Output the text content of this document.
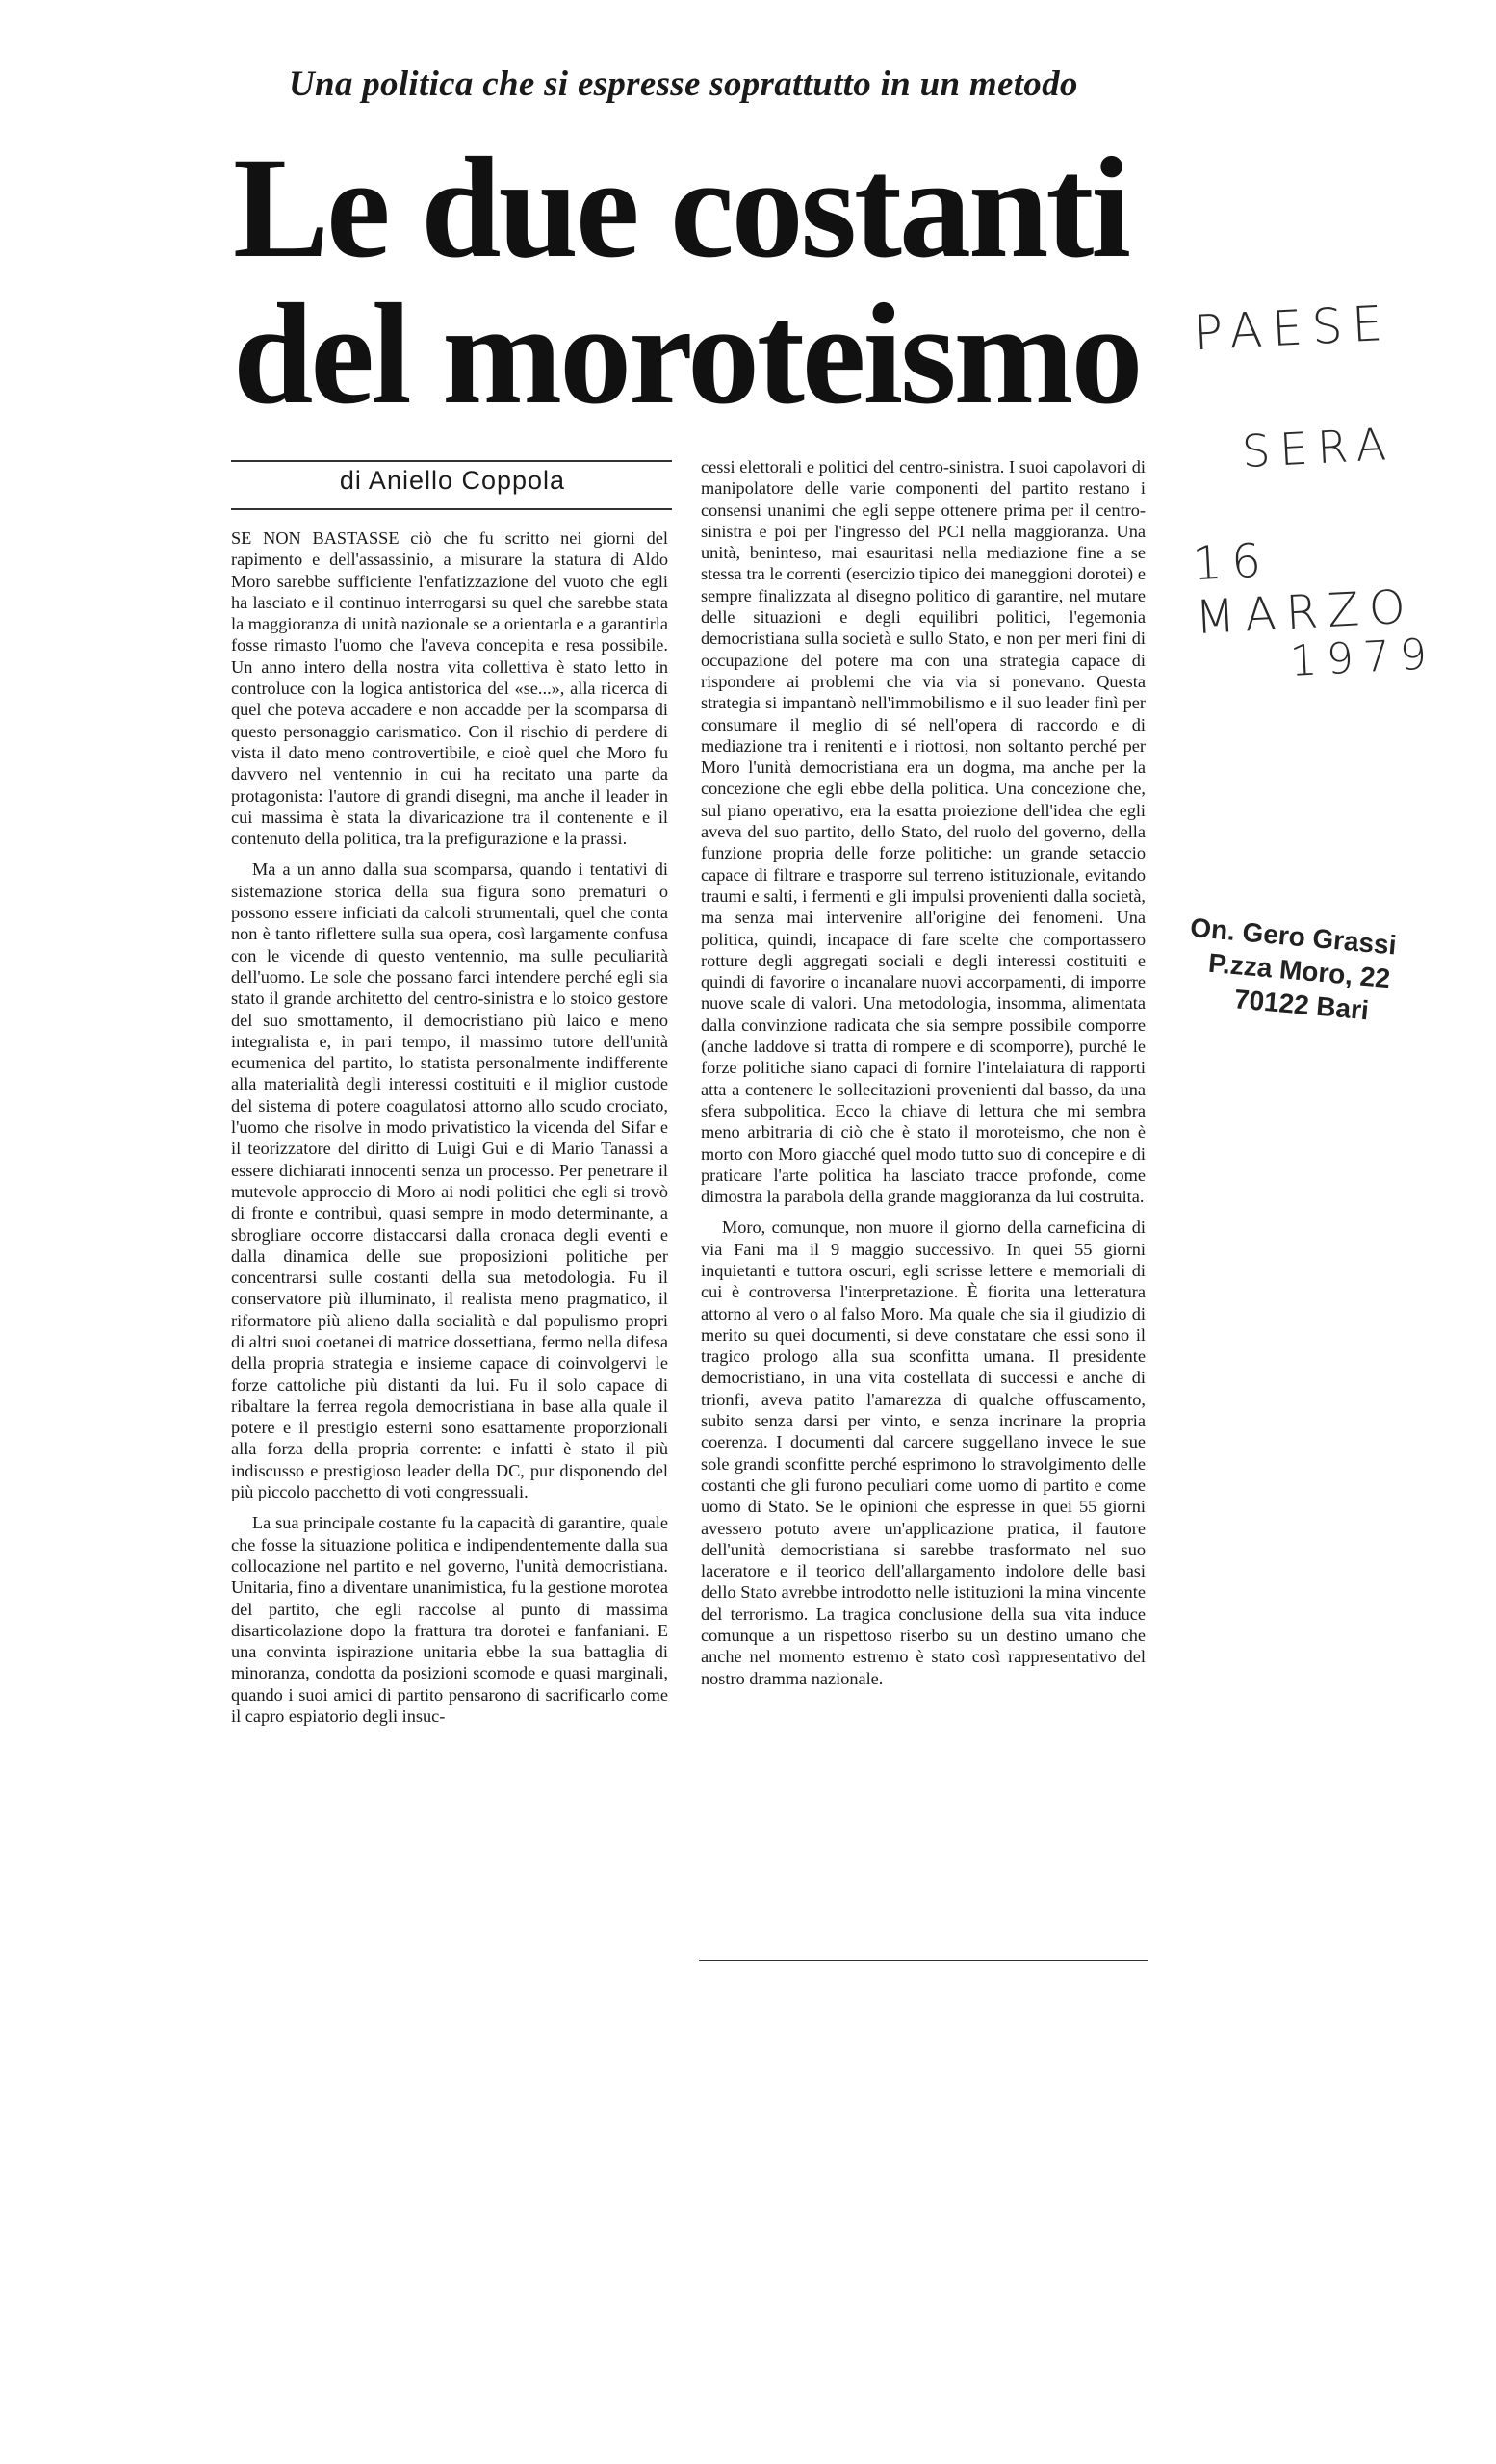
Una politica che si espresse soprattutto in un metodo
Le due costanti
del moroteismo
di Aniello Coppola

SE NON BASTASSE ciò che fu scritto nei giorni del rapimento e dell'assassinio, a misurare la statura di Aldo Moro sarebbe sufficiente l'enfatizzazione del vuoto che egli ha lasciato e il continuo interrogarsi su quel che sarebbe stata la maggioranza di unità nazionale se a orientarla e a garantirla fosse rimasto l'uomo che l'aveva concepita e resa possibile. Un anno intero della nostra vita collettiva è stato letto in controluce con la logica antistorica del «se...», alla ricerca di quel che poteva accadere e non accadde per la scomparsa di questo personaggio carismatico. Con il rischio di perdere di vista il dato meno controvertibile, e cioè quel che Moro fu davvero nel ventennio in cui ha recitato una parte da protagonista: l'autore di grandi disegni, ma anche il leader in cui massima è stata la divaricazione tra il contenente e il contenuto della politica, tra la prefigurazione e la prassi.

Ma a un anno dalla sua scomparsa, quando i tentativi di sistemazione storica della sua figura sono prematuri o possono essere inficiati da calcoli strumentali, quel che conta non è tanto riflettere sulla sua opera, così largamente confusa con le vicende di questo ventennio, ma sulle peculiarità dell'uomo. Le sole che possano farci intendere perché egli sia stato il grande architetto del centro-sinistra e lo stoico gestore del suo smottamento, il democristiano più laico e meno integralista e, in pari tempo, il massimo tutore dell'unità ecumenica del partito, lo statista personalmente indifferente alla materialità degli interessi costituiti e il miglior custode del sistema di potere coagulatosi attorno allo scudo crociato, l'uomo che risolve in modo privatistico la vicenda del Sifar e il teorizzatore del diritto di Luigi Gui e di Mario Tanassi a essere dichiarati innocenti senza un processo. Per penetrare il mutevole approccio di Moro ai nodi politici che egli si trovò di fronte e contribuì, quasi sempre in modo determinante, a sbrogliare occorre distaccarsi dalla cronaca degli eventi e dalla dinamica delle sue proposizioni politiche per concentrarsi sulle costanti della sua metodologia. Fu il conservatore più illuminato, il realista meno pragmatico, il riformatore più alieno dalla socialità e dal populismo propri di altri suoi coetanei di matrice dossettiana, fermo nella difesa della propria strategia e insieme capace di coinvolgervi le forze cattoliche più distanti da lui. Fu il solo capace di ribaltare la ferrea regola democristiana in base alla quale il potere e il prestigio esterni sono esattamente proporzionali alla forza della propria corrente: e infatti è stato il più indiscusso e prestigioso leader della DC, pur disponendo del più piccolo pacchetto di voti congressuali.

La sua principale costante fu la capacità di garantire, quale che fosse la situazione politica e indipendentemente dalla sua collocazione nel partito e nel governo, l'unità democristiana. Unitaria, fino a diventare unanimistica, fu la gestione morotea del partito, che egli raccolse al punto di massima disarticolazione dopo la frattura tra dorotei e fanfaniani. E una convinta ispirazione unitaria ebbe la sua battaglia di minoranza, condotta da posizioni scomode e quasi marginali, quando i suoi amici di partito pensarono di sacrificarlo come il capro espiatorio degli insuc-

cessi elettorali e politici del centro-sinistra. I suoi capolavori di manipolatore delle varie componenti del partito restano i consensi unanimi che egli seppe ottenere prima per il centro-sinistra e poi per l'ingresso del PCI nella maggioranza. Una unità, beninteso, mai esauritasi nella mediazione fine a se stessa tra le correnti (esercizio tipico dei maneggioni dorotei) e sempre finalizzata al disegno politico di garantire, nel mutare delle situazioni e degli equilibri politici, l'egemonia democristiana sulla società e sullo Stato, e non per meri fini di occupazione del potere ma con una strategia capace di rispondere ai problemi che via via si ponevano. Questa strategia si impantanò nell'immobilismo e il suo leader finì per consumare il meglio di sé nell'opera di raccordo e di mediazione tra i renitenti e i riottosi, non soltanto perché per Moro l'unità democristiana era un dogma, ma anche per la concezione che egli ebbe della politica. Una concezione che, sul piano operativo, era la esatta proiezione dell'idea che egli aveva del suo partito, dello Stato, del ruolo del governo, della funzione propria delle forze politiche: un grande setaccio capace di filtrare e trasporre sul terreno istituzionale, evitando traumi e salti, i fermenti e gli impulsi provenienti dalla società, ma senza mai intervenire all'origine dei fenomeni. Una politica, quindi, incapace di fare scelte che comportassero rotture degli aggregati sociali e degli interessi costituiti e quindi di favorire o incanalare nuovi accorpamenti, di imporre nuove scale di valori. Una metodologia, insomma, alimentata dalla convinzione radicata che sia sempre possibile comporre (anche laddove si tratta di rompere e di scomporre), purché le forze politiche siano capaci di fornire l'intelaiatura di rapporti atta a contenere le sollecitazioni provenienti dal basso, da una sfera subpolitica. Ecco la chiave di lettura che mi sembra meno arbitraria di ciò che è stato il moroteismo, che non è morto con Moro giacché quel modo tutto suo di concepire e di praticare l'arte politica ha lasciato tracce profonde, come dimostra la parabola della grande maggioranza da lui costruita.

Moro, comunque, non muore il giorno della carneficina di via Fani ma il 9 maggio successivo. In quei 55 giorni inquietanti e tuttora oscuri, egli scrisse lettere e memoriali di cui è controversa l'interpretazione. È fiorita una letteratura attorno al vero o al falso Moro. Ma quale che sia il giudizio di merito su quei documenti, si deve constatare che essi sono il tragico prologo alla sua sconfitta umana. Il presidente democristiano, in una vita costellata di successi e anche di trionfi, aveva patito l'amarezza di qualche offuscamento, subito senza darsi per vinto, e senza incrinare la propria coerenza. I documenti dal carcere suggellano invece le sue sole grandi sconfitte perché esprimono lo stravolgimento delle costanti che gli furono peculiari come uomo di partito e come uomo di Stato. Se le opinioni che espresse in quei 55 giorni avessero potuto avere un'applicazione pratica, il fautore dell'unità democristiana si sarebbe trasformato nel suo laceratore e il teorico dell'allargamento indolore delle basi dello Stato avrebbe introdotto nelle istituzioni la mina vincente del terrorismo. La tragica conclusione della sua vita induce comunque a un rispettoso riserbo su un destino umano che anche nel momento estremo è stato così rappresentativo del nostro dramma nazionale.

PAESE
SERA
16 MARZO
1979
On. Gero Grassi
P.zza Moro, 22
70122 Bari
